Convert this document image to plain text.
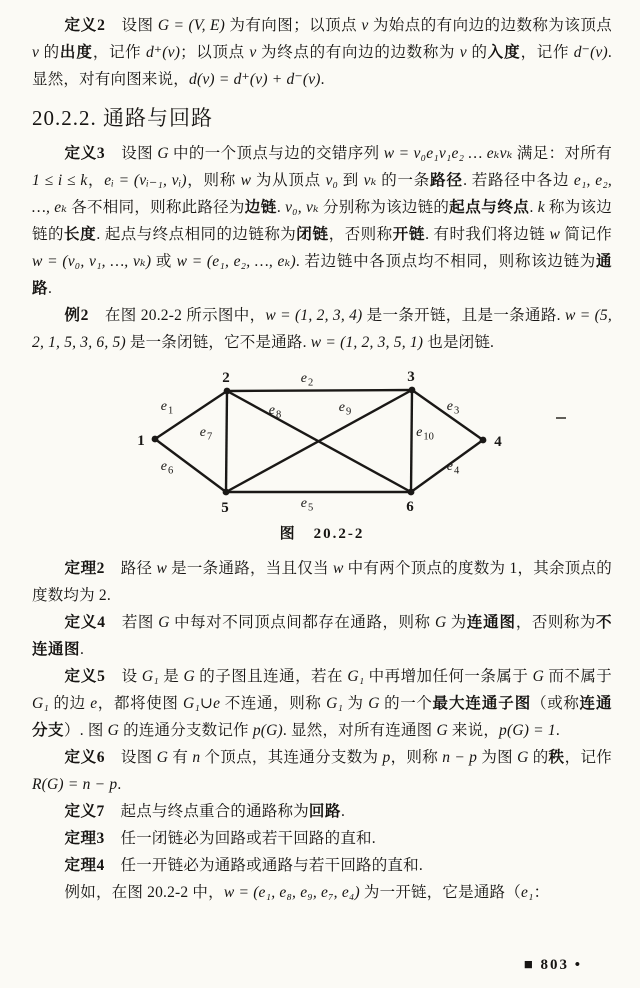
定义2　设图 G = (V, E) 为有向图；以顶点 v 为始点的有向边的边数称为该顶点 v 的出度，记作 d⁺(v)；以顶点 v 为终点的有向边的边数称为 v 的入度，记作 d⁻(v). 显然，对有向图来说，d(v) = d⁺(v) + d⁻(v).

20.2.2. 通路与回路

定义3　设图 G 中的一个顶点与边的交错序列 w = v₀e₁v₁e₂ … eₖvₖ 满足：对所有 1 ≤ i ≤ k，eᵢ = (vᵢ₋₁, vᵢ)，则称 w 为从顶点 v₀ 到 vₖ 的一条路径. 若路径中各边 e₁, e₂, …, eₖ 各不相同，则称此路径为边链. v₀, vₖ 分别称为该边链的起点与终点. k 称为该边链的长度. 起点与终点相同的边链称为闭链，否则称开链. 有时我们将边链 w 简记作 w = (v₀, v₁, …, vₖ) 或 w = (e₁, e₂, …, eₖ). 若边链中各顶点均不相同，则称该边链为通路.

例2　在图 20.2-2 所示图中，w = (1, 2, 3, 4) 是一条开链，且是一条通路. w = (5, 2, 1, 5, 3, 6, 5) 是一条闭链，它不是通路. w = (1, 2, 3, 5, 1) 也是闭链.

1
2	3
4
5	6
$e_1$
$e_2$
$e_3$
$e_4$
$e_5$
$e_6$
$e_7$
$e_8$	$e_9$
$e_{10}$
图　20.2-2

定理2　路径 w 是一条通路，当且仅当 w 中有两个顶点的度数为 1，其余顶点的度数均为 2.

定义4　若图 G 中每对不同顶点间都存在通路，则称 G 为连通图，否则称为不连通图.

定义5　设 G₁ 是 G 的子图且连通，若在 G₁ 中再增加任何一条属于 G 而不属于 G₁ 的边 e，都将使图 G₁∪e 不连通，则称 G₁ 为 G 的一个最大连通子图（或称连通分支）. 图 G 的连通分支数记作 p(G). 显然，对所有连通图 G 来说，p(G) = 1.

定义6　设图 G 有 n 个顶点，其连通分支数为 p，则称 n − p 为图 G 的秩，记作 R(G) = n − p.

定义7　起点与终点重合的通路称为回路.

定理3　任一闭链必为回路或若干回路的直和.

定理4　任一开链必为通路或通路与若干回路的直和.

例如，在图 20.2-2 中，w = (e₁, e₈, e₉, e₇, e₄) 为一开链，它是通路（e₁：

■ 803 •
